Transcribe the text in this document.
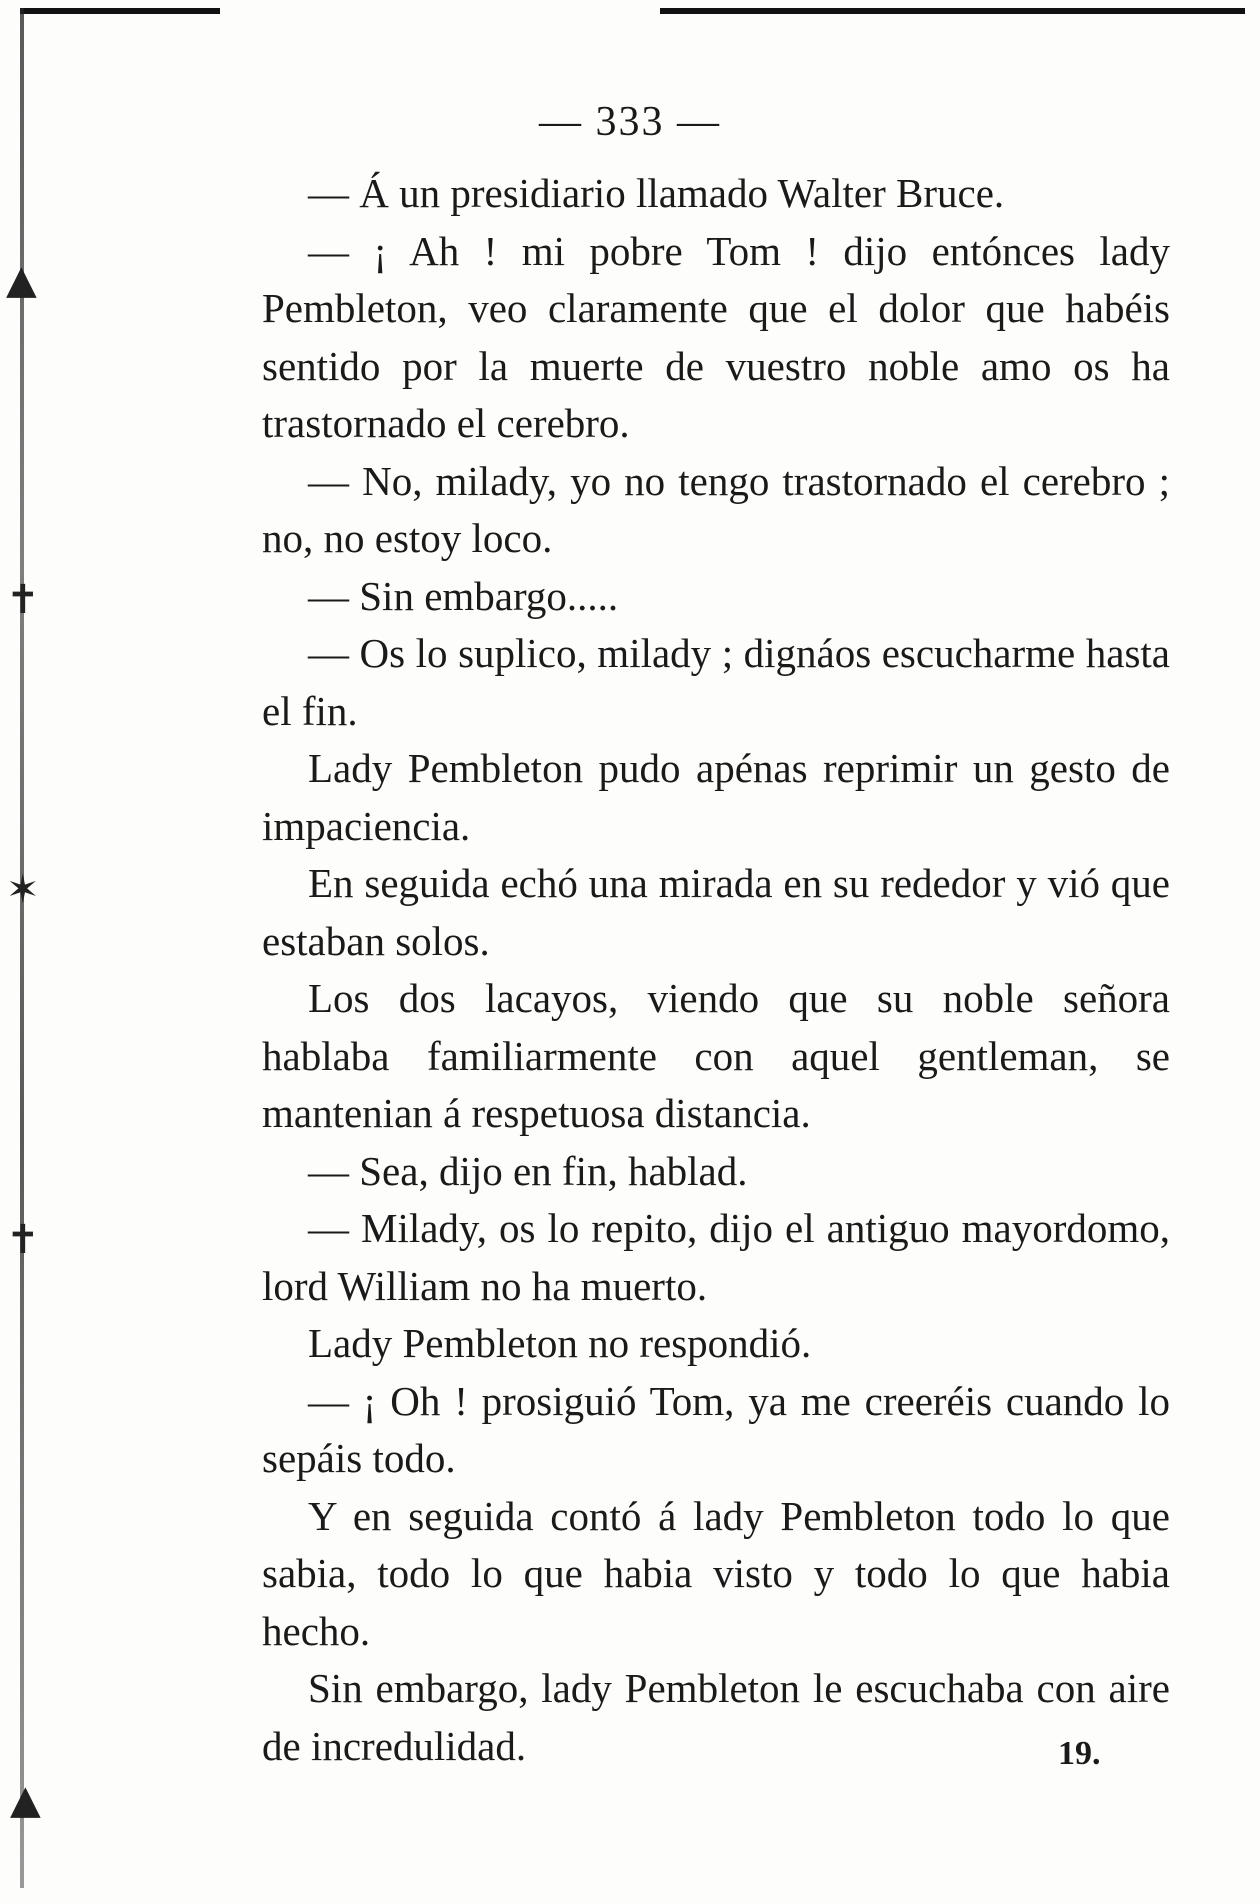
▲
✝
✶
✝
▲
— 333 —

— Á un presidiario llamado Walter Bruce.

— ¡ Ah ! mi pobre Tom ! dijo entónces lady Pembleton, veo claramente que el dolor que habéis sentido por la muerte de vuestro noble amo os ha trastornado el cerebro.

— No, milady, yo no tengo trastornado el cerebro ; no, no estoy loco.

— Sin embargo.....

— Os lo suplico, milady ; dignáos escucharme hasta el fin.

Lady Pembleton pudo apénas reprimir un gesto de impaciencia.

En seguida echó una mirada en su rededor y vió que estaban solos.

Los dos lacayos, viendo que su noble señora hablaba familiarmente con aquel gentleman, se mantenian á respetuosa distancia.

— Sea, dijo en fin, hablad.

— Milady, os lo repito, dijo el antiguo mayordomo, lord William no ha muerto.

Lady Pembleton no respondió.

— ¡ Oh ! prosiguió Tom, ya me creeréis cuando lo sepáis todo.

Y en seguida contó á lady Pembleton todo lo que sabia, todo lo que habia visto y todo lo que habia hecho.

Sin embargo, lady Pembleton le escuchaba con aire de incredulidad.	19.
